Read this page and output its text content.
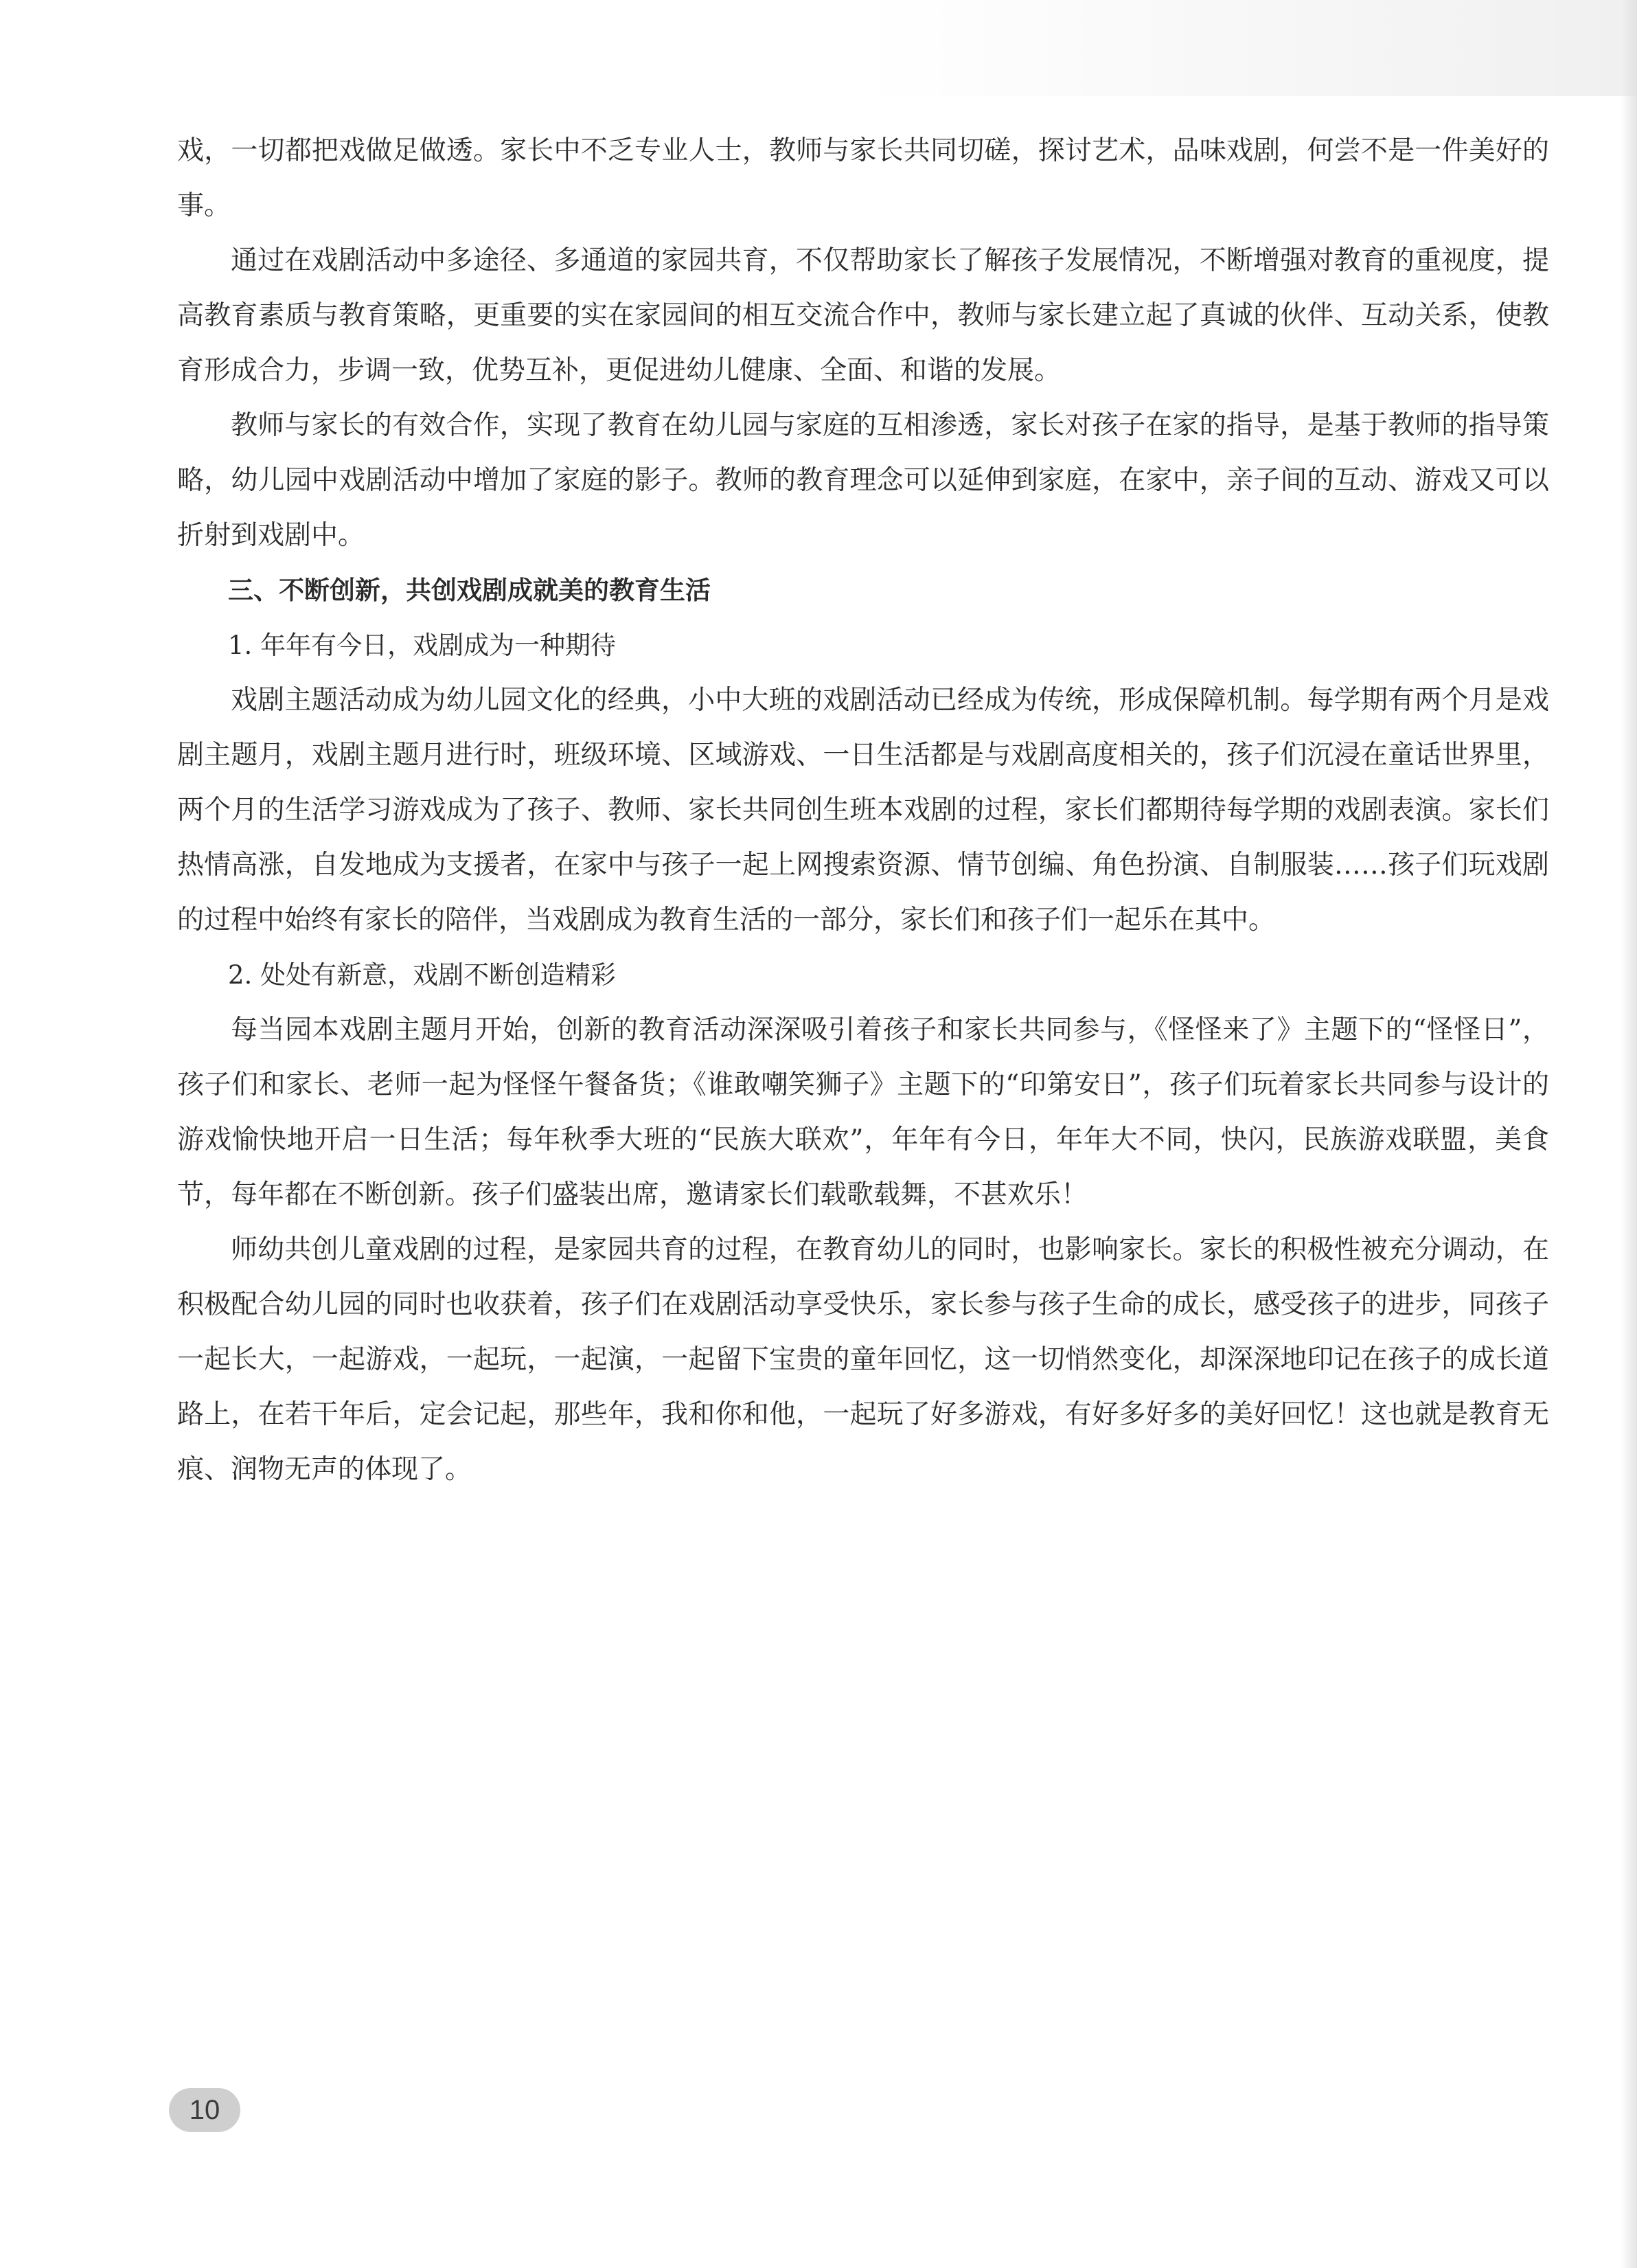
戏，一切都把戏做足做透。家长中不乏专业人士，教师与家长共同切磋，探讨艺术，品味戏剧，何尝不是一件美好的事。

通过在戏剧活动中多途径、多通道的家园共育，不仅帮助家长了解孩子发展情况，不断增强对教育的重视度，提高教育素质与教育策略，更重要的实在家园间的相互交流合作中，教师与家长建立起了真诚的伙伴、互动关系，使教育形成合力，步调一致，优势互补，更促进幼儿健康、全面、和谐的发展。

教师与家长的有效合作，实现了教育在幼儿园与家庭的互相渗透，家长对孩子在家的指导，是基于教师的指导策略，幼儿园中戏剧活动中增加了家庭的影子。教师的教育理念可以延伸到家庭，在家中，亲子间的互动、游戏又可以折射到戏剧中。

三、不断创新，共创戏剧成就美的教育生活

1. 年年有今日，戏剧成为一种期待

戏剧主题活动成为幼儿园文化的经典，小中大班的戏剧活动已经成为传统，形成保障机制。每学期有两个月是戏剧主题月，戏剧主题月进行时，班级环境、区域游戏、一日生活都是与戏剧高度相关的，孩子们沉浸在童话世界里，两个月的生活学习游戏成为了孩子、教师、家长共同创生班本戏剧的过程，家长们都期待每学期的戏剧表演。家长们热情高涨，自发地成为支援者，在家中与孩子一起上网搜索资源、情节创编、角色扮演、自制服装……孩子们玩戏剧的过程中始终有家长的陪伴，当戏剧成为教育生活的一部分，家长们和孩子们一起乐在其中。

2. 处处有新意，戏剧不断创造精彩

每当园本戏剧主题月开始，创新的教育活动深深吸引着孩子和家长共同参与，《怪怪来了》主题下的“怪怪日”，孩子们和家长、老师一起为怪怪午餐备货；《谁敢嘲笑狮子》主题下的“印第安日”，孩子们玩着家长共同参与设计的游戏愉快地开启一日生活；每年秋季大班的“民族大联欢”，年年有今日，年年大不同，快闪，民族游戏联盟，美食节，每年都在不断创新。孩子们盛装出席，邀请家长们载歌载舞，不甚欢乐！

师幼共创儿童戏剧的过程，是家园共育的过程，在教育幼儿的同时，也影响家长。家长的积极性被充分调动，在积极配合幼儿园的同时也收获着，孩子们在戏剧活动享受快乐，家长参与孩子生命的成长，感受孩子的进步，同孩子一起长大，一起游戏，一起玩，一起演，一起留下宝贵的童年回忆，这一切悄然变化，却深深地印记在孩子的成长道路上，在若干年后，定会记起，那些年，我和你和他，一起玩了好多游戏，有好多好多的美好回忆！这也就是教育无痕、润物无声的体现了。

10
